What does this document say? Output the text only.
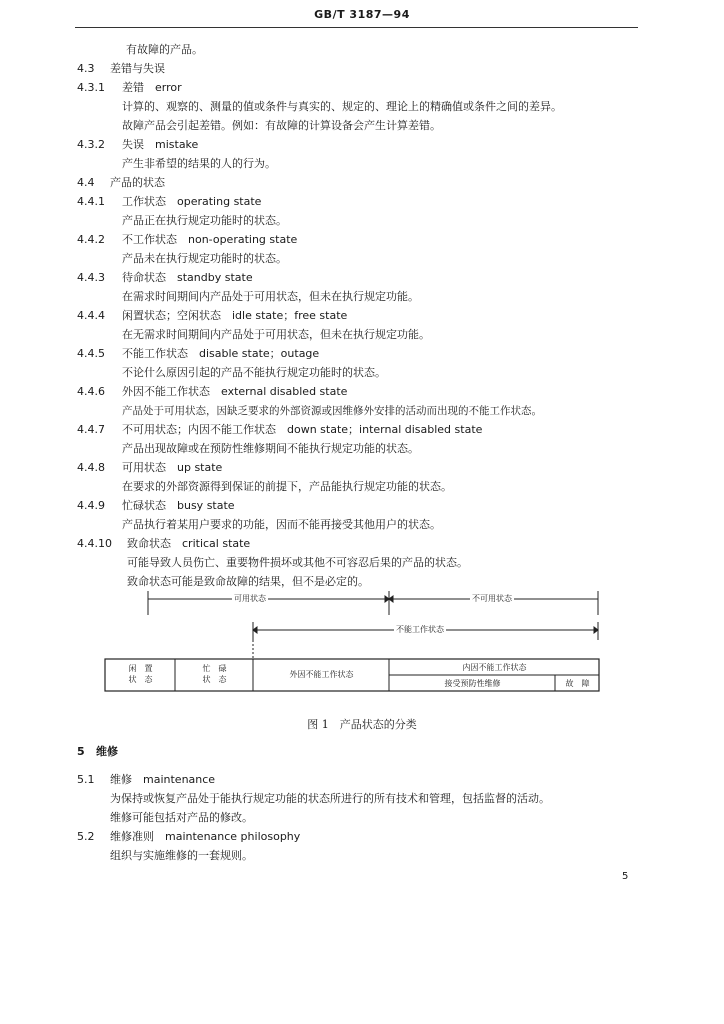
GB/T 3187—94
有故障的产品。
4.3 差错与失误
4.3.1 差错　error
计算的、观察的、测量的值或条件与真实的、规定的、理论上的精确值或条件之间的差异。
故障产品会引起差错。例如：有故障的计算设备会产生计算差错。
4.3.2 失误　mistake
产生非希望的结果的人的行为。
4.4 产品的状态
4.4.1 工作状态　operating state
产品正在执行规定功能时的状态。
4.4.2 不工作状态　non-operating state
产品未在执行规定功能时的状态。
4.4.3 待命状态　standby state
在需求时间期间内产品处于可用状态，但未在执行规定功能。
4.4.4 闲置状态；空闲状态　idle state；free state
在无需求时间期间内产品处于可用状态，但未在执行规定功能。
4.4.5 不能工作状态　disable state；outage
不论什么原因引起的产品不能执行规定功能时的状态。
4.4.6 外因不能工作状态　external disabled state
产品处于可用状态，因缺乏要求的外部资源或因维修外安排的活动而出现的不能工作状态。
4.4.7 不可用状态；内因不能工作状态　down state；internal disabled state
产品出现故障或在预防性维修期间不能执行规定功能的状态。
4.4.8 可用状态　up state
在要求的外部资源得到保证的前提下，产品能执行规定功能的状态。
4.4.9 忙碌状态　busy state
产品执行着某用户要求的功能，因而不能再接受其他用户的状态。
4.4.10 致命状态　critical state
可能导致人员伤亡、重要物件损坏或其他不可容忍后果的产品的状态。
致命状态可能是致命故障的结果，但不是必定的。
可用状态	不可用状态
不能工作状态
闲　置
状　态
忙　碌
状　态
外因不能工作状态
内因不能工作状态
接受预防性维修	故　障
图 1　产品状态的分类
5 维修
5.1 维修　maintenance
为保持或恢复产品处于能执行规定功能的状态所进行的所有技术和管理，包括监督的活动。
维修可能包括对产品的修改。
5.2 维修准则　maintenance philosophy
组织与实施维修的一套规则。
5
